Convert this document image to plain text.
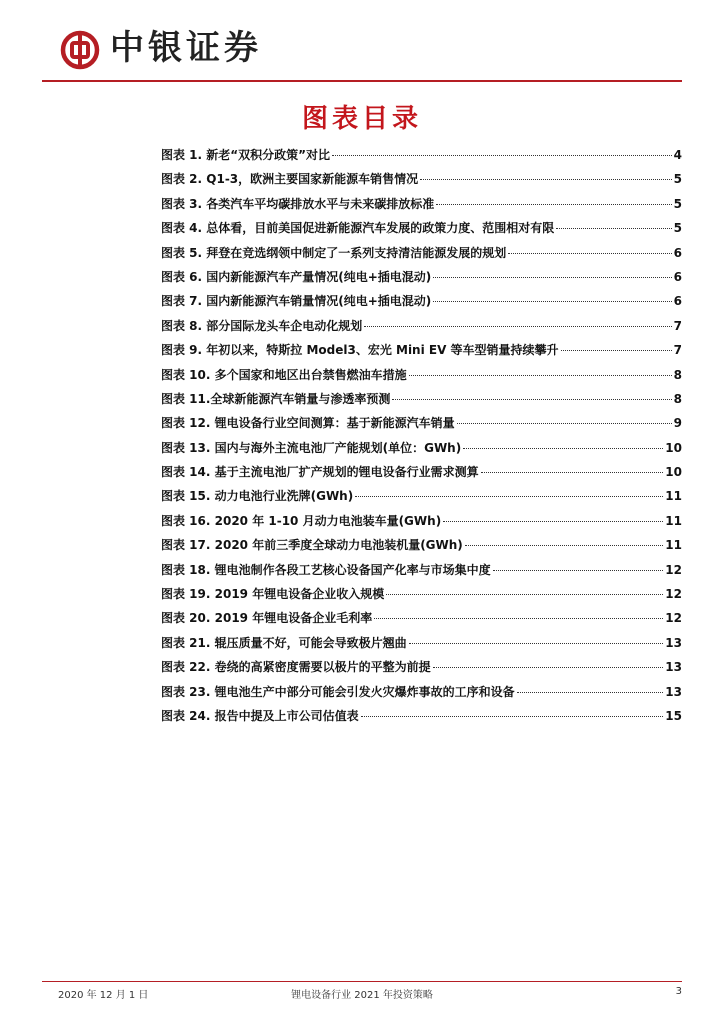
中银证券
图表目录
图表 1. 新老“双积分政策”对比	4
图表 2. Q1-3，欧洲主要国家新能源车销售情况	5
图表 3. 各类汽车平均碳排放水平与未来碳排放标准	5
图表 4. 总体看，目前美国促进新能源汽车发展的政策力度、范围相对有限	5
图表 5. 拜登在竞选纲领中制定了一系列支持清洁能源发展的规划	6
图表 6. 国内新能源汽车产量情况(纯电+插电混动)	6
图表 7. 国内新能源汽车销量情况(纯电+插电混动)	6
图表 8. 部分国际龙头车企电动化规划	7
图表 9. 年初以来，特斯拉 Model3、宏光 Mini EV 等车型销量持续攀升	7
图表 10. 多个国家和地区出台禁售燃油车措施	8
图表 11.全球新能源汽车销量与渗透率预测	8
图表 12. 锂电设备行业空间测算：基于新能源汽车销量	9
图表 13. 国内与海外主流电池厂产能规划(单位：GWh)	10
图表 14. 基于主流电池厂扩产规划的锂电设备行业需求测算	10
图表 15. 动力电池行业洗牌(GWh)	11
图表 16. 2020 年 1-10 月动力电池装车量(GWh)	11
图表 17. 2020 年前三季度全球动力电池装机量(GWh)	11
图表 18. 锂电池制作各段工艺核心设备国产化率与市场集中度	12
图表 19. 2019 年锂电设备企业收入规模	12
图表 20. 2019 年锂电设备企业毛利率	12
图表 21. 辊压质量不好，可能会导致极片翘曲	13
图表 22. 卷绕的高紧密度需要以极片的平整为前提	13
图表 23. 锂电池生产中部分可能会引发火灾爆炸事故的工序和设备	13
图表 24. 报告中提及上市公司估值表	15
2020 年 12 月 1 日	锂电设备行业 2021 年投资策略	3
